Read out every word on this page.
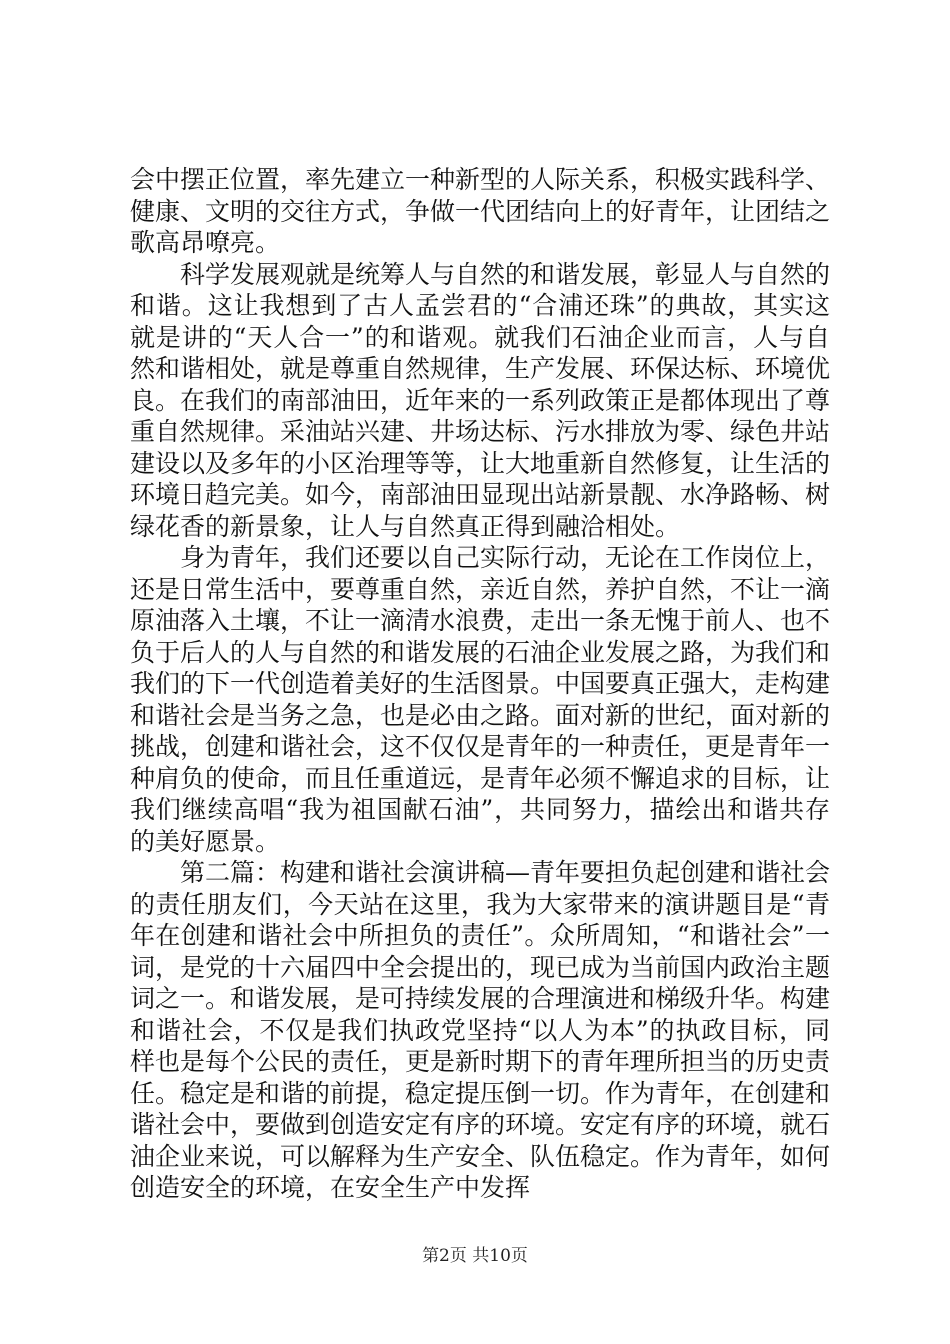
会中摆正位置，率先建立一种新型的人际关系，积极实践科学、健康、文明的交往方式，争做一代团结向上的好青年，让团结之歌高昂嘹亮。

科学发展观就是统筹人与自然的和谐发展，彰显人与自然的和谐。这让我想到了古人孟尝君的“合浦还珠”的典故，其实这就是讲的“天人合一”的和谐观。就我们石油企业而言，人与自然和谐相处，就是尊重自然规律，生产发展、环保达标、环境优良。在我们的南部油田，近年来的一系列政策正是都体现出了尊重自然规律。采油站兴建、井场达标、污水排放为零、绿色井站建设以及多年的小区治理等等，让大地重新自然修复，让生活的环境日趋完美。如今，南部油田显现出站新景靓、水净路畅、树绿花香的新景象，让人与自然真正得到融洽相处。

身为青年，我们还要以自己实际行动，无论在工作岗位上，还是日常生活中，要尊重自然，亲近自然，养护自然，不让一滴原油落入土壤，不让一滴清水浪费，走出一条无愧于前人、也不负于后人的人与自然的和谐发展的石油企业发展之路，为我们和我们的下一代创造着美好的生活图景。中国要真正强大，走构建和谐社会是当务之急，也是必由之路。面对新的世纪，面对新的挑战，创建和谐社会，这不仅仅是青年的一种责任，更是青年一种肩负的使命，而且任重道远，是青年必须不懈追求的目标，让我们继续高唱“我为祖国献石油”，共同努力，描绘出和谐共存的美好愿景。

第二篇：构建和谐社会演讲稿—青年要担负起创建和谐社会的责任朋友们，今天站在这里，我为大家带来的演讲题目是“青年在创建和谐社会中所担负的责任”。众所周知，“和谐社会”一词，是党的十六届四中全会提出的，现已成为当前国内政治主题词之一。和谐发展，是可持续发展的合理演进和梯级升华。构建和谐社会，不仅是我们执政党坚持“以人为本”的执政目标，同样也是每个公民的责任，更是新时期下的青年理所担当的历史责任。稳定是和谐的前提，稳定提压倒一切。作为青年，在创建和谐社会中，要做到创造安定有序的环境。安定有序的环境，就石油企业来说，可以解释为生产安全、队伍稳定。作为青年，如何创造安全的环境，在安全生产中发挥

第2页 共10页
